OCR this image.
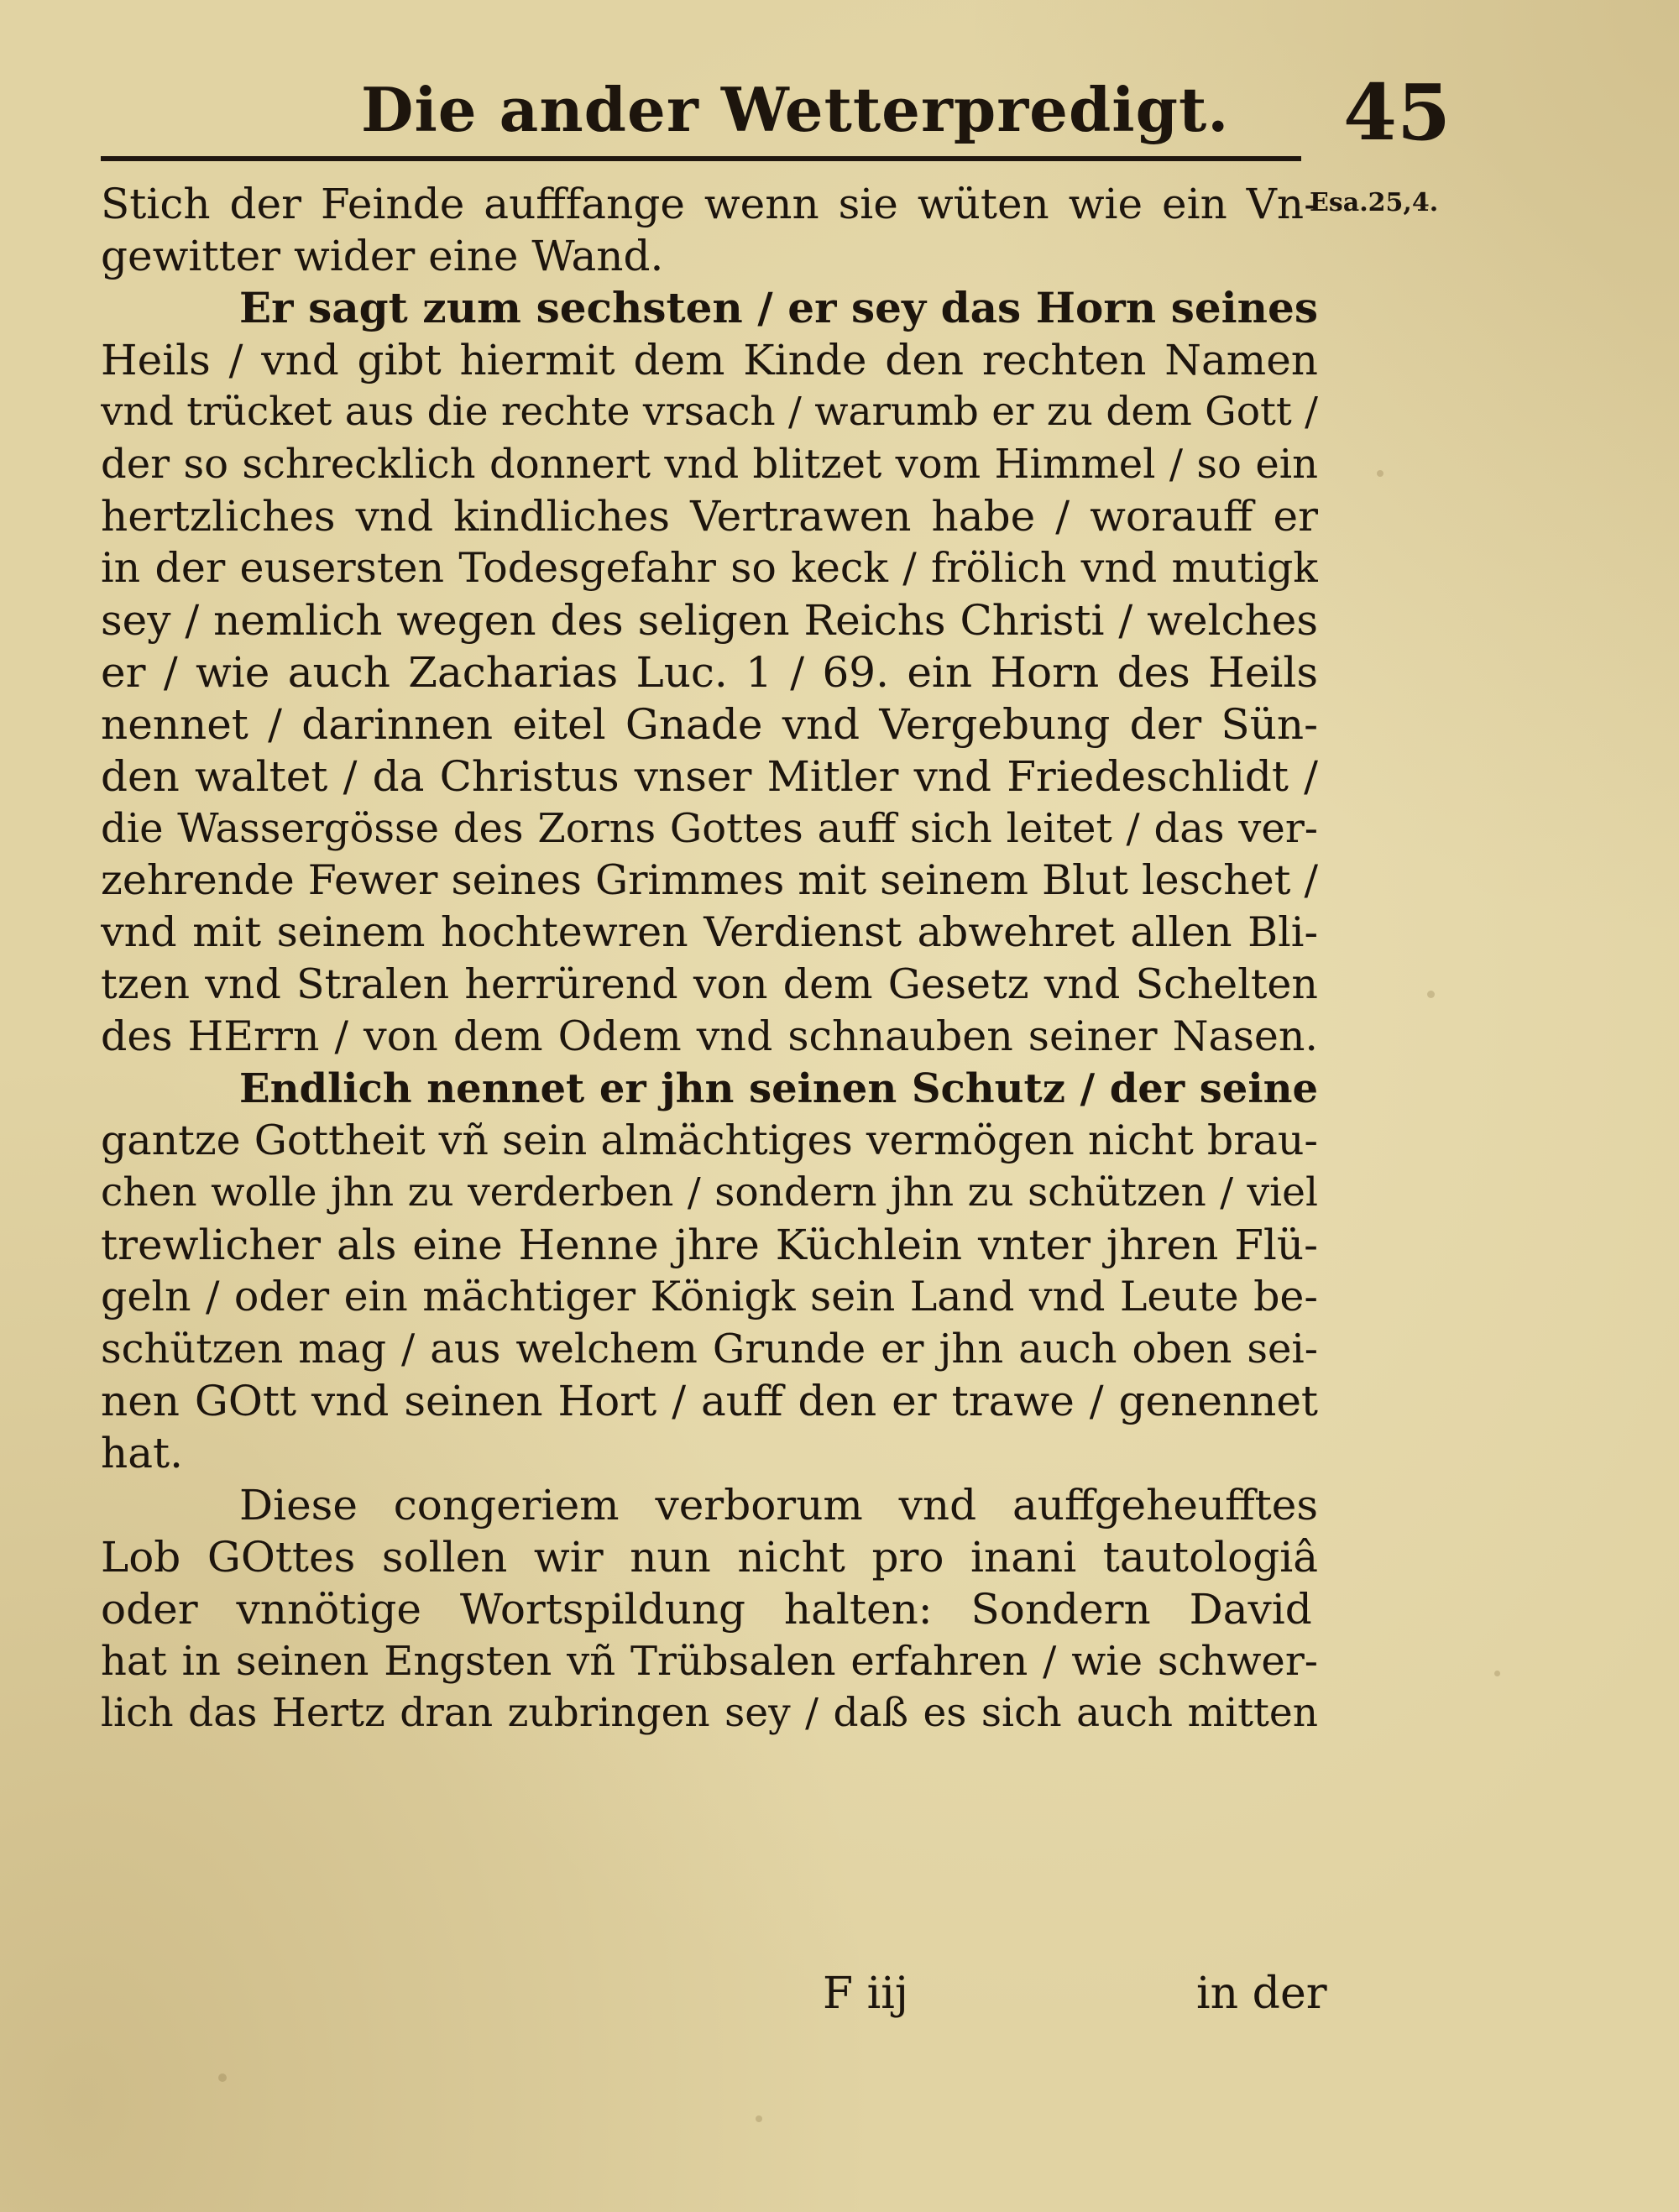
Die ander Wetterpredigt. 45
Esa.25,4.
Stich der Feinde aufffange wenn sie wüten wie ein Vn-
gewitter wider eine Wand.
Er sagt zum sechsten / er sey das Horn seines
Heils / vnd gibt hiermit dem Kinde den rechten Namen
vnd trücket aus die rechte vrsach / warumb er zu dem Gott /
der so schrecklich donnert vnd blitzet vom Himmel / so ein
hertzliches vnd kindliches Vertrawen habe / worauff er
in der eusersten Todesgefahr so keck / frölich vnd mutigk
sey / nemlich wegen des seligen Reichs Christi / welches
er / wie auch Zacharias Luc. 1 / 69. ein Horn des Heils
nennet / darinnen eitel Gnade vnd Vergebung der Sün-
den waltet / da Christus vnser Mitler vnd Friedeschlidt /
die Wassergösse des Zorns Gottes auff sich leitet / das ver-
zehrende Fewer seines Grimmes mit seinem Blut leschet /
vnd mit seinem hochtewren Verdienst abwehret allen Bli-
tzen vnd Stralen herrürend von dem Gesetz vnd Schelten
des HErrn / von dem Odem vnd schnauben seiner Nasen.
Endlich nennet er jhn seinen Schutz / der seine
gantze Gottheit vñ sein almächtiges vermögen nicht brau-
chen wolle jhn zu verderben / sondern jhn zu schützen / viel
trewlicher als eine Henne jhre Küchlein vnter jhren Flü-
geln / oder ein mächtiger Königk sein Land vnd Leute be-
schützen mag / aus welchem Grunde er jhn auch oben sei-
nen GOtt vnd seinen Hort / auff den er trawe / genennet
hat.
Diese congeriem verborum vnd auffgeheufftes
Lob GOttes sollen wir nun nicht pro inani tautologiâ
oder vnnötige Wortspildung halten: Sondern David
hat in seinen Engsten vñ Trübsalen erfahren / wie schwer-
lich das Hertz dran zubringen sey / daß es sich auch mitten
F iij	in der
